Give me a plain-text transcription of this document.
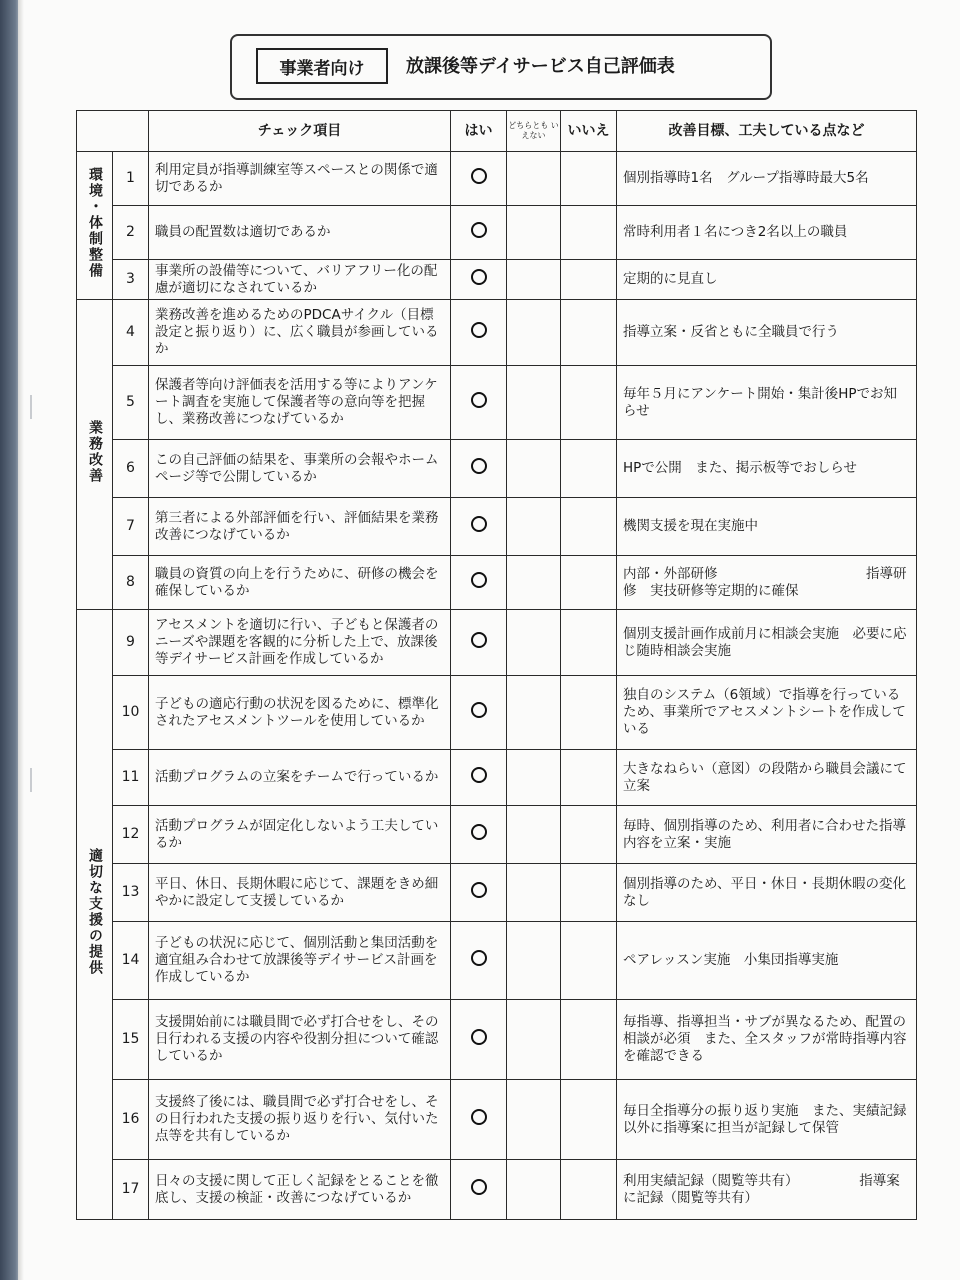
事業者向け	放課後等デイサービス自己評価表
		チェック項目	はい	どちらとも いえない	いいえ	改善目標、工夫している点など
環境・体制整備	1	利用定員が指導訓練室等スペースとの関係で適切であるか				個別指導時1名　グループ指導時最大5名
	2	職員の配置数は適切であるか				常時利用者１名につき2名以上の職員
	3	事業所の設備等について、バリアフリー化の配慮が適切になされているか				定期的に見直し
業務改善	4	業務改善を進めるためのPDCAサイクル（目標設定と振り返り）に、広く職員が参画しているか				指導立案・反省ともに全職員で行う
	5	保護者等向け評価表を活用する等によりアンケート調査を実施して保護者等の意向等を把握し、業務改善につなげているか				毎年５月にアンケート開始・集計後HPでお知らせ
	6	この自己評価の結果を、事業所の会報やホームページ等で公開しているか				HPで公開　また、掲示板等でおしらせ
	7	第三者による外部評価を行い、評価結果を業務改善につなげているか				機関支援を現在実施中
	8	職員の資質の向上を行うために、研修の機会を確保しているか				内部・外部研修　　　　　　　　　　　指導研修　実技研修等定期的に確保
適切な支援の提供	9	アセスメントを適切に行い、子どもと保護者のニーズや課題を客観的に分析した上で、放課後等デイサービス計画を作成しているか				個別支援計画作成前月に相談会実施　必要に応じ随時相談会実施
	10	子どもの適応行動の状況を図るために、標準化されたアセスメントツールを使用しているか				独自のシステム（6領域）で指導を行っているため、事業所でアセスメントシートを作成している
	11	活動プログラムの立案をチームで行っているか				大きなねらい（意図）の段階から職員会議にて立案
	12	活動プログラムが固定化しないよう工夫しているか				毎時、個別指導のため、利用者に合わせた指導内容を立案・実施
	13	平日、休日、長期休暇に応じて、課題をきめ細やかに設定して支援しているか				個別指導のため、平日・休日・長期休暇の変化なし
	14	子どもの状況に応じて、個別活動と集団活動を適宜組み合わせて放課後等デイサービス計画を作成しているか				ペアレッスン実施　小集団指導実施
	15	支援開始前には職員間で必ず打合せをし、その日行われる支援の内容や役割分担について確認しているか				毎指導、指導担当・サブが異なるため、配置の相談が必須　また、全スタッフが常時指導内容を確認できる
	16	支援終了後には、職員間で必ず打合せをし、その日行われた支援の振り返りを行い、気付いた点等を共有しているか				毎日全指導分の振り返り実施　また、実績記録以外に指導案に担当が記録して保管
	17	日々の支援に関して正しく記録をとることを徹底し、支援の検証・改善につなげているか				利用実績記録（閲覧等共有）　　　　　指導案に記録（閲覧等共有）
